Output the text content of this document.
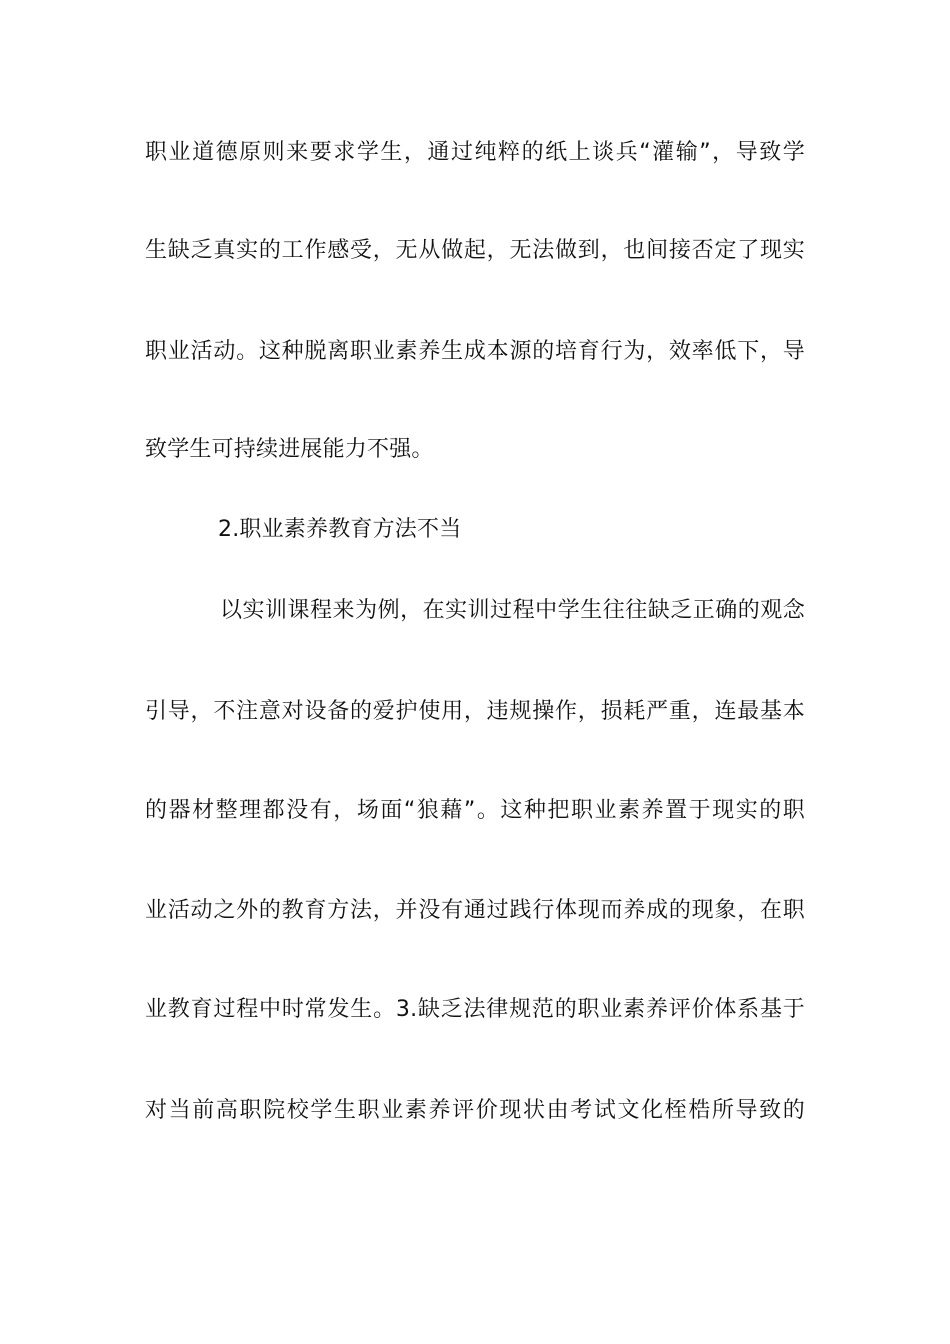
职业道德原则来要求学生，通过纯粹的纸上谈兵“灌输”，导致学
生缺乏真实的工作感受，无从做起，无法做到，也间接否定了现实
职业活动。这种脱离职业素养生成本源的培育行为，效率低下，导
致学生可持续进展能力不强。
2.职业素养教育方法不当
以实训课程来为例，在实训过程中学生往往缺乏正确的观念
引导，不注意对设备的爱护使用，违规操作，损耗严重，连最基本
的器材整理都没有，场面“狼藉”。这种把职业素养置于现实的职
业活动之外的教育方法，并没有通过践行体现而养成的现象，在职
业教育过程中时常发生。3.缺乏法律规范的职业素养评价体系基于
对当前高职院校学生职业素养评价现状由考试文化桎梏所导致的
